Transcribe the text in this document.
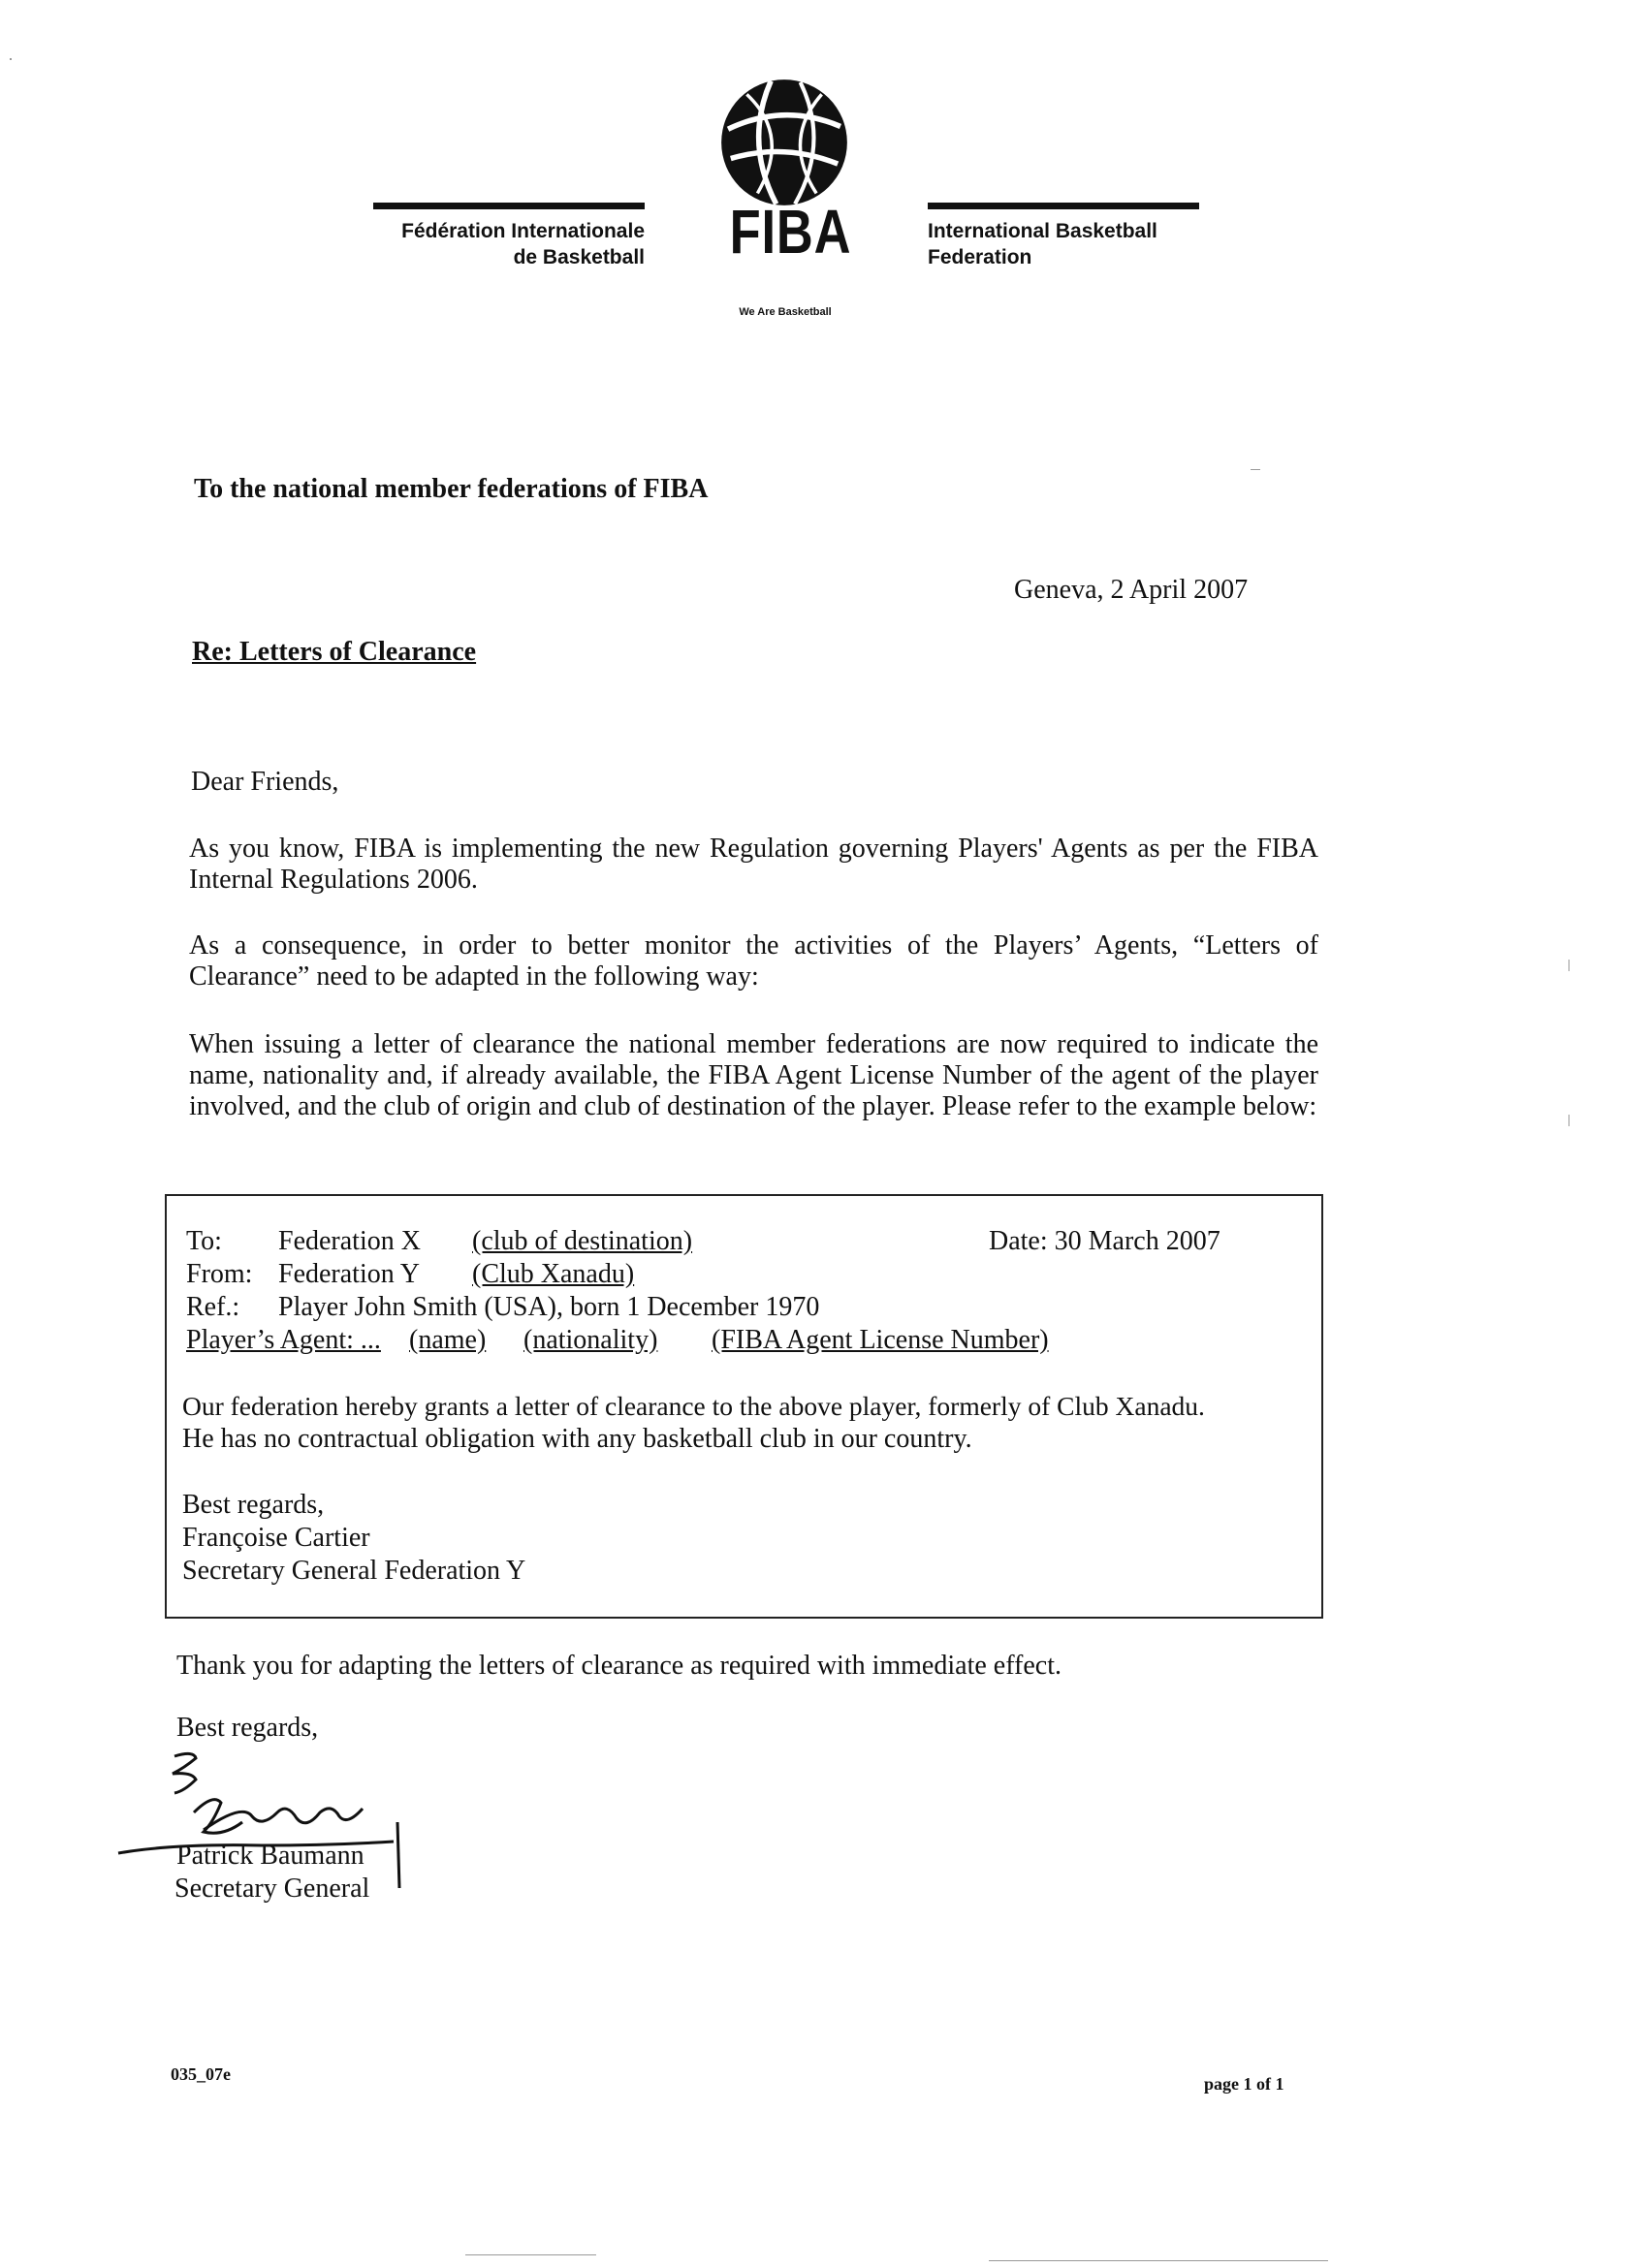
Fédération Internationale
de Basketball FIBA
We Are Basketball
International Basketball
Federation
To the national member federations of FIBA
Geneva, 2 April 2007
Re: Letters of Clearance
Dear Friends,
As you know, FIBA is implementing the new Regulation governing Players' Agents as per the FIBA Internal Regulations 2006.
As a consequence, in order to better monitor the activities of the Players’ Agents, “Letters of Clearance” need to be adapted in the following way:
When issuing a letter of clearance the national member federations are now required to indicate the name, nationality and, if already available, the FIBA Agent License Number of the agent of the player involved, and the club of origin and club of destination of the player. Please refer to the example below:
To: Federation X (club of destination)	Date: 30 March 2007
From: Federation Y (Club Xanadu)
Ref.: Player John Smith (USA), born 1 December 1970
Player’s Agent: ... (name) (nationality) (FIBA Agent License Number)
Our federation hereby grants a letter of clearance to the above player, formerly of Club Xanadu.
He has no contractual obligation with any basketball club in our country.
Best regards,
Françoise Cartier
Secretary General Federation Y
Thank you for adapting the letters of clearance as required with immediate effect.
Best regards,
Patrick Baumann
Secretary General
035_07e	page 1 of 1
